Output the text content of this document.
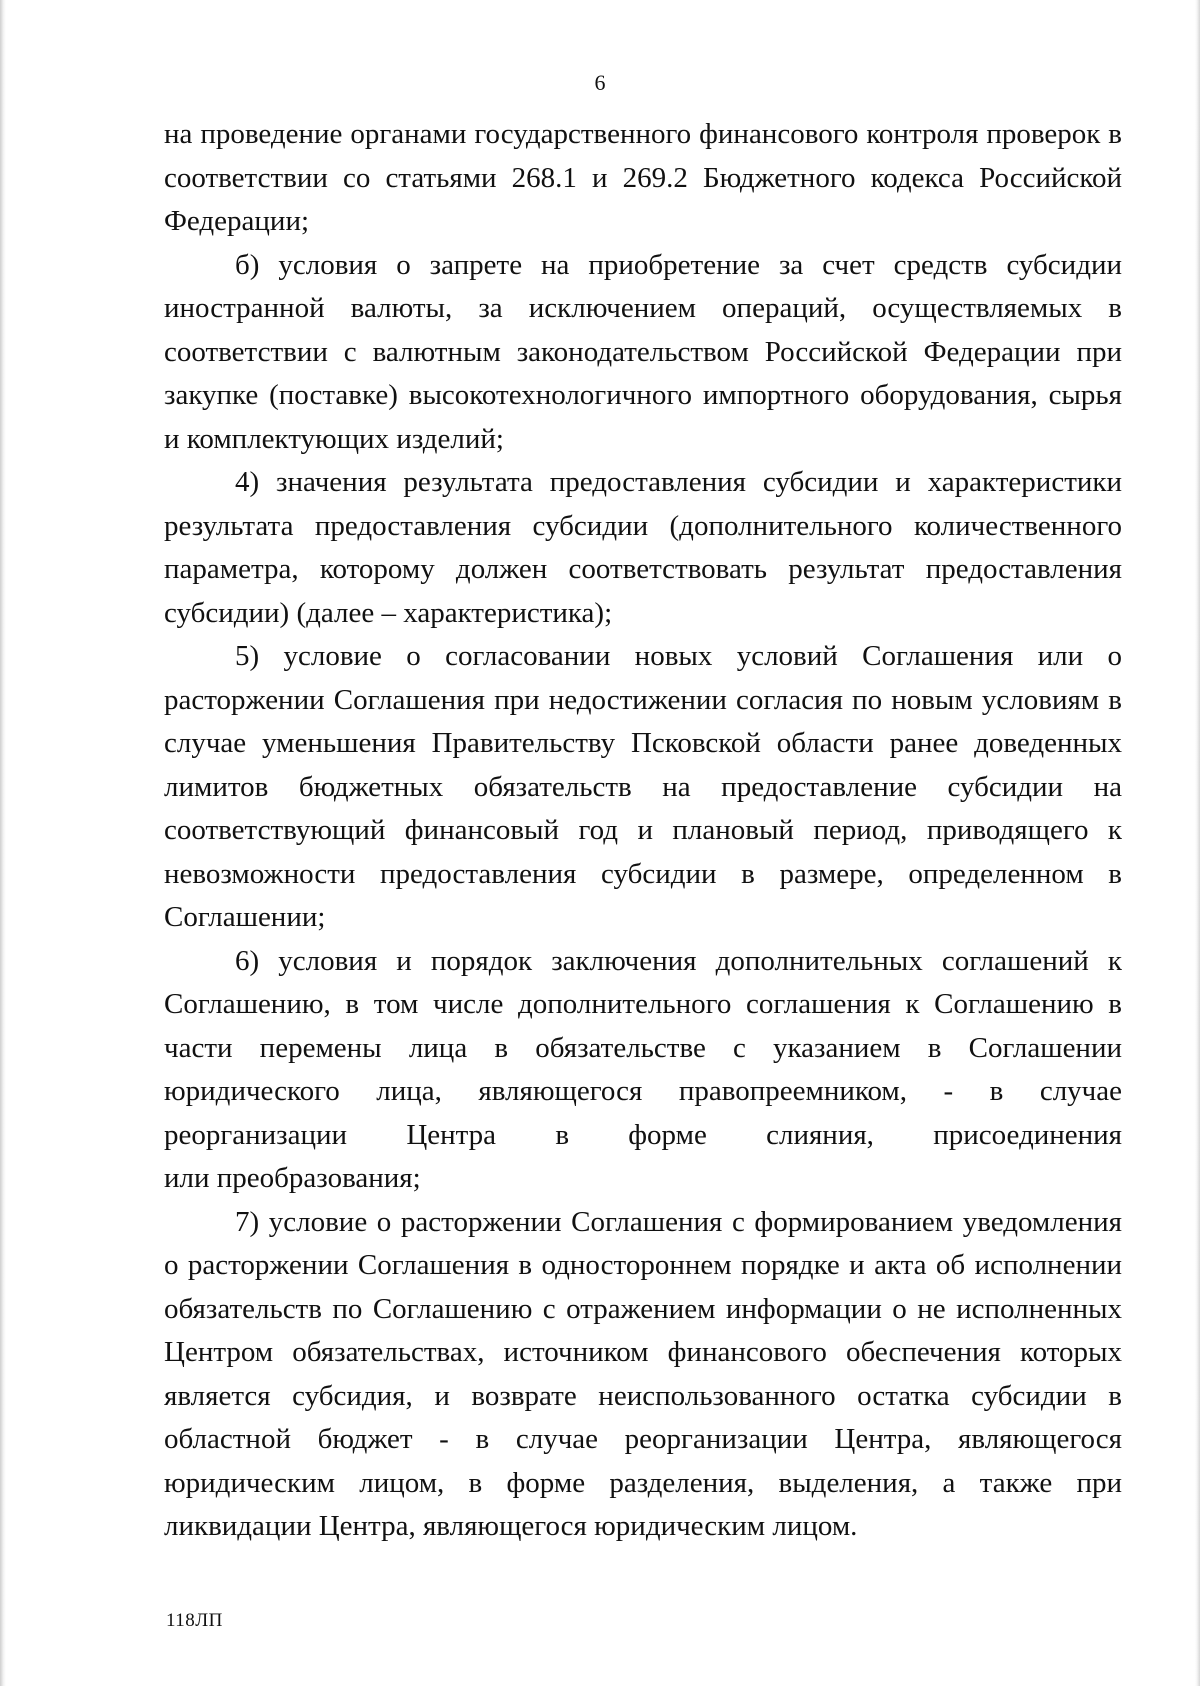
6

на проведение органами государственного финансового контроля проверок в соответствии со статьями 268.1 и 269.2 Бюджетного кодекса Российской Федерации;

б) условия о запрете на приобретение за счет средств субсидии иностранной валюты, за исключением операций, осуществляемых в соответствии с валютным законодательством Российской Федерации при закупке (поставке) высокотехнологичного импортного оборудования, сырья и комплектующих изделий;

4) значения результата предоставления субсидии и характеристики результата предоставления субсидии (дополнительного количественного параметра, которому должен соответствовать результат предоставления субсидии) (далее – характеристика);

5) условие о согласовании новых условий Соглашения или о расторжении Соглашения при недостижении согласия по новым условиям в случае уменьшения Правительству Псковской области ранее доведенных лимитов бюджетных обязательств на предоставление субсидии на соответствующий финансовый год и плановый период, приводящего к невозможности предоставления субсидии в размере, определенном в Соглашении;

6) условия и порядок заключения дополнительных соглашений к Соглашению, в том числе дополнительного соглашения к Соглашению в части перемены лица в обязательстве с указанием в Соглашении юридического лица, являющегося правопреемником, - в случае реорганизации Центра в форме слияния, присоединения

или преобразования;

7) условие о расторжении Соглашения с формированием уведомления о расторжении Соглашения в одностороннем порядке и акта об исполнении обязательств по Соглашению с отражением информации о не исполненных Центром обязательствах, источником финансового обеспечения которых является субсидия, и возврате неиспользованного остатка субсидии в областной бюджет - в случае реорганизации Центра, являющегося юридическим лицом, в форме разделения, выделения, а также при ликвидации Центра, являющегося юридическим лицом.

118ЛП
